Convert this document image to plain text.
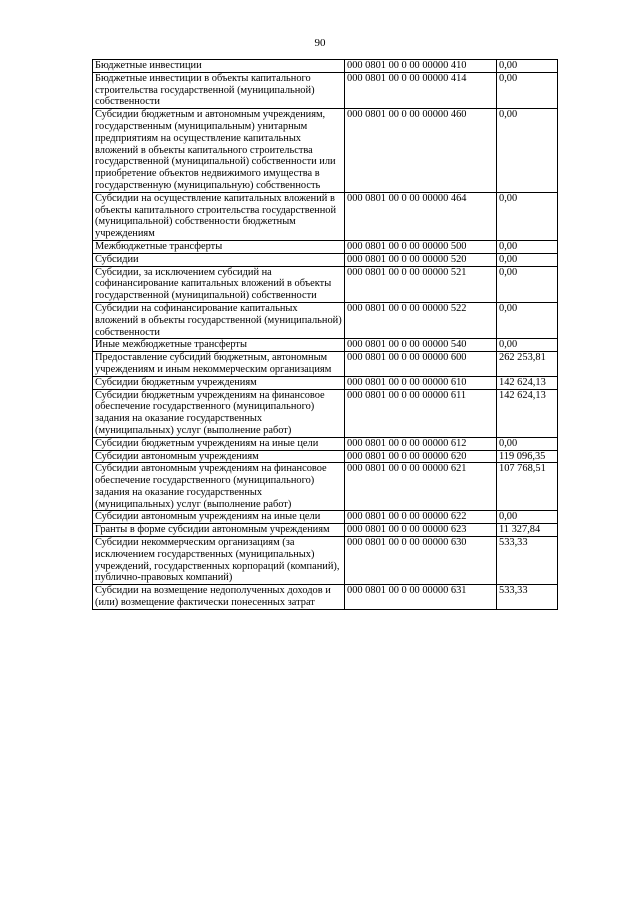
90
Бюджетные инвестиции	000 0801 00 0 00 00000 410	0,00
Бюджетные инвестиции в объекты капитального строительства государственной (муниципальной) собственности	000 0801 00 0 00 00000 414	0,00
Субсидии бюджетным и автономным учреждениям, государственным (муниципальным) унитарным предприятиям на осуществление капитальных вложений в объекты капитального строительства государственной (муниципальной) собственности или приобретение объектов недвижимого имущества в государственную (муниципальную) собственность	000 0801 00 0 00 00000 460	0,00
Субсидии на осуществление капитальных вложений в объекты капитального строительства государственной (муниципальной) собственности бюджетным учреждениям	000 0801 00 0 00 00000 464	0,00
Межбюджетные трансферты	000 0801 00 0 00 00000 500	0,00
Субсидии	000 0801 00 0 00 00000 520	0,00
Субсидии, за исключением субсидий на софинансирование капитальных вложений в объекты государственной (муниципальной) собственности	000 0801 00 0 00 00000 521	0,00
Субсидии на софинансирование капитальных вложений в объекты государственной (муниципальной) собственности	000 0801 00 0 00 00000 522	0,00
Иные межбюджетные трансферты	000 0801 00 0 00 00000 540	0,00
Предоставление субсидий бюджетным, автономным учреждениям и иным некоммерческим организациям	000 0801 00 0 00 00000 600	262 253,81
Субсидии бюджетным учреждениям	000 0801 00 0 00 00000 610	142 624,13
Субсидии бюджетным учреждениям на финансовое обеспечение государственного (муниципального) задания на оказание государственных (муниципальных) услуг (выполнение работ)	000 0801 00 0 00 00000 611	142 624,13
Субсидии бюджетным учреждениям на иные цели	000 0801 00 0 00 00000 612	0,00
Субсидии автономным учреждениям	000 0801 00 0 00 00000 620	119 096,35
Субсидии автономным учреждениям на финансовое обеспечение государственного (муниципального) задания на оказание государственных (муниципальных) услуг (выполнение работ)	000 0801 00 0 00 00000 621	107 768,51
Субсидии автономным учреждениям на иные цели	000 0801 00 0 00 00000 622	0,00
Гранты в форме субсидии автономным учреждениям	000 0801 00 0 00 00000 623	11 327,84
Субсидии некоммерческим организациям (за исключением государственных (муниципальных) учреждений, государственных корпораций (компаний), публично-правовых компаний)	000 0801 00 0 00 00000 630	533,33
Субсидии на возмещение недополученных доходов и (или) возмещение фактически понесенных затрат	000 0801 00 0 00 00000 631	533,33
